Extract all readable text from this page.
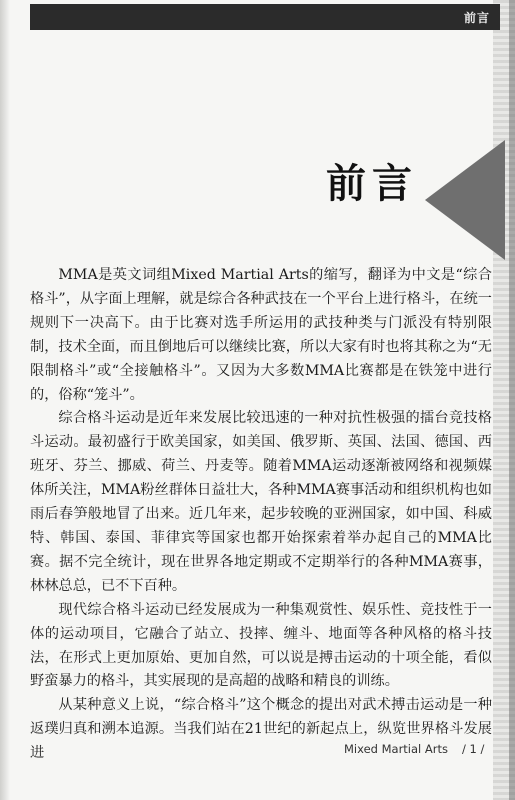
前言
前言

MMA是英文词组Mixed Martial Arts的缩写，翻译为中文是“综合格斗”，从字面上理解，就是综合各种武技在一个平台上进行格斗，在统一规则下一决高下。由于比赛对选手所运用的武技种类与门派没有特别限制，技术全面，而且倒地后可以继续比赛，所以大家有时也将其称之为“无限制格斗”或“全接触格斗”。又因为大多数MMA比赛都是在铁笼中进行的，俗称“笼斗”。

综合格斗运动是近年来发展比较迅速的一种对抗性极强的擂台竞技格斗运动。最初盛行于欧美国家，如美国、俄罗斯、英国、法国、德国、西班牙、芬兰、挪威、荷兰、丹麦等。随着MMA运动逐渐被网络和视频媒体所关注，MMA粉丝群体日益壮大，各种MMA赛事活动和组织机构也如雨后春笋般地冒了出来。近几年来，起步较晚的亚洲国家，如中国、科威特、韩国、泰国、菲律宾等国家也都开始探索着举办起自己的MMA比赛。据不完全统计，现在世界各地定期或不定期举行的各种MMA赛事，林林总总，已不下百种。

现代综合格斗运动已经发展成为一种集观赏性、娱乐性、竞技性于一体的运动项目，它融合了站立、投摔、缠斗、地面等各种风格的格斗技法，在形式上更加原始、更加自然，可以说是搏击运动的十项全能，看似野蛮暴力的格斗，其实展现的是高超的战略和精良的训练。

从某种意义上说，“综合格斗”这个概念的提出对武术搏击运动是一种返璞归真和溯本追源。当我们站在21世纪的新起点上，纵览世界格斗发展进	Mixed Martial Arts / 1 /
